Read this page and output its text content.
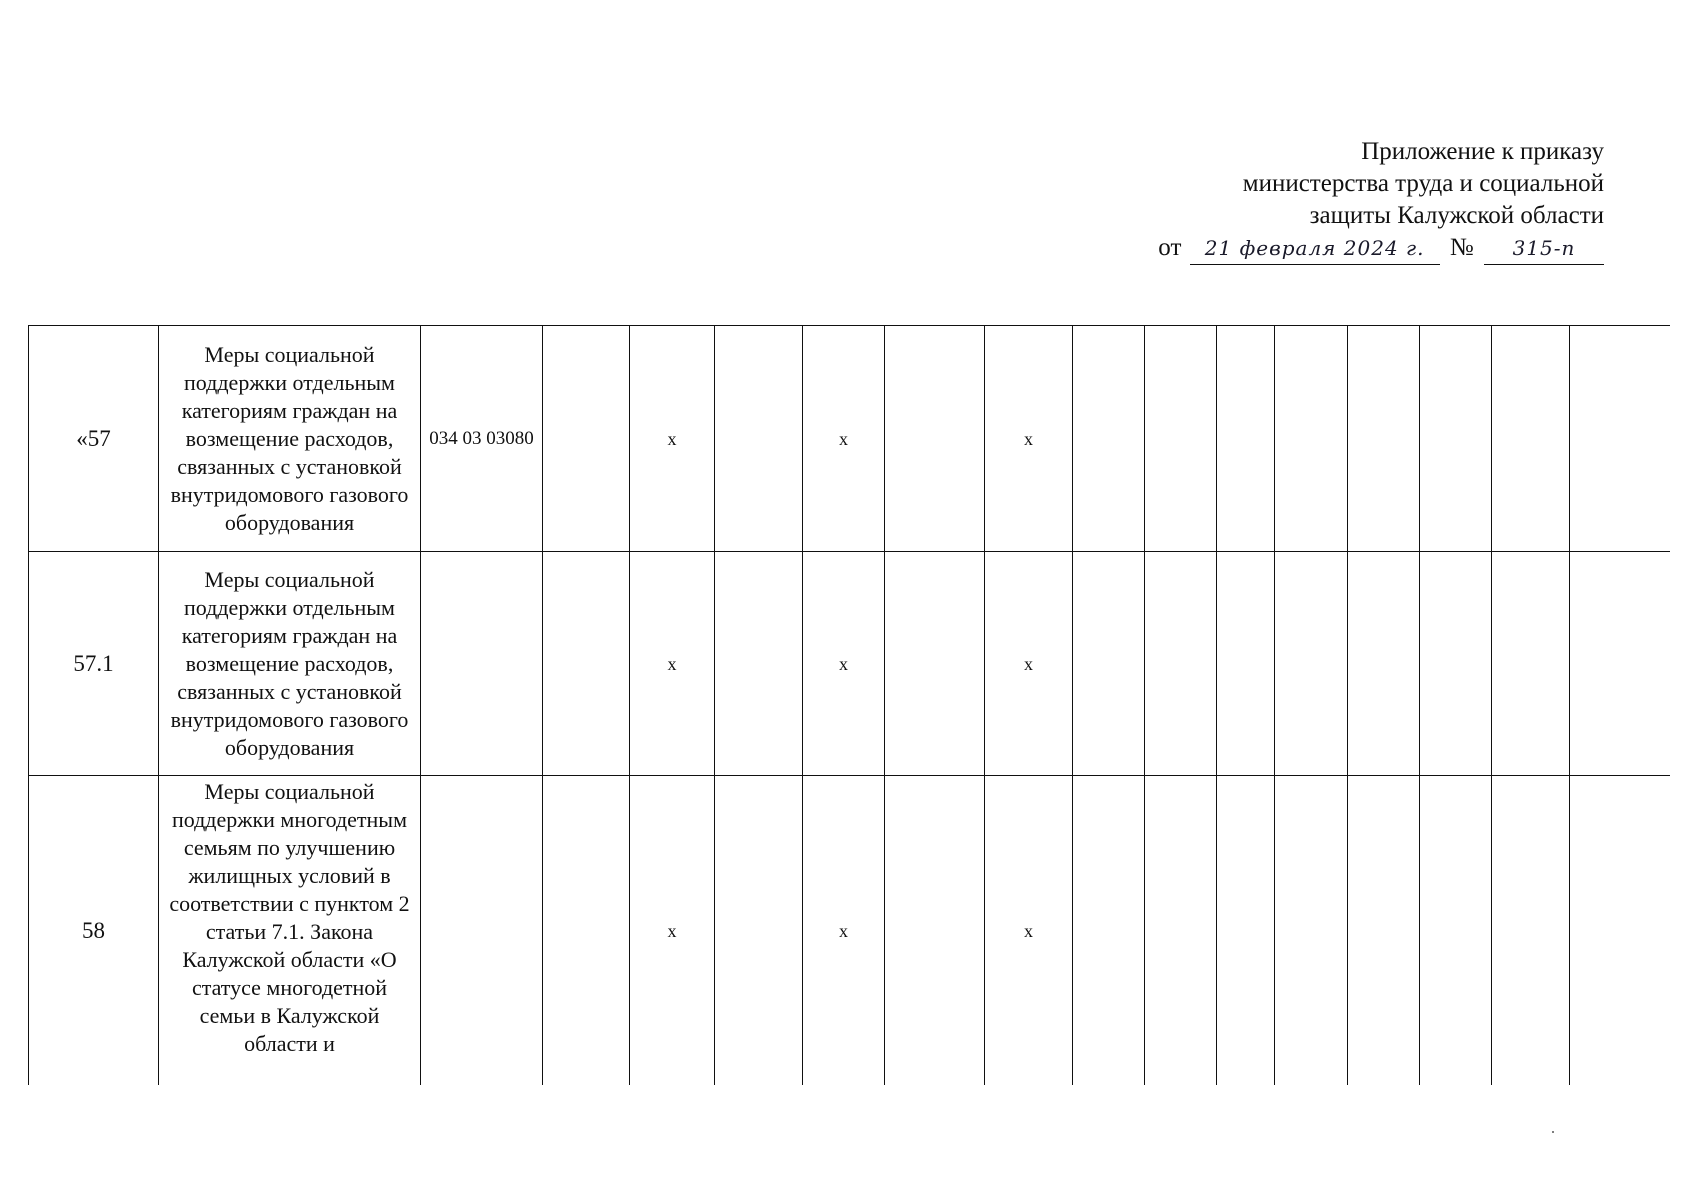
Приложение к приказу
министерства труда и социальной
защиты Калужской области
от 21 февраля 2024 г. № 315-п
«57	Меры социальной поддержки отдельным категориям граждан на возмещение расходов, связанных с установкой внутридомового газового оборудования	034 03 03080		x		x		x								
57.1	Меры социальной поддержки отдельным категориям граждан на возмещение расходов, связанных с установкой внутридомового газового оборудования			x		x		x								
58	Меры социальной поддержки многодетным семьям по улучшению жилищных условий в соответствии с пунктом 2 статьи 7.1. Закона Калужской области «О статусе многодетной семьи в Калужской области и			x		x		x								
